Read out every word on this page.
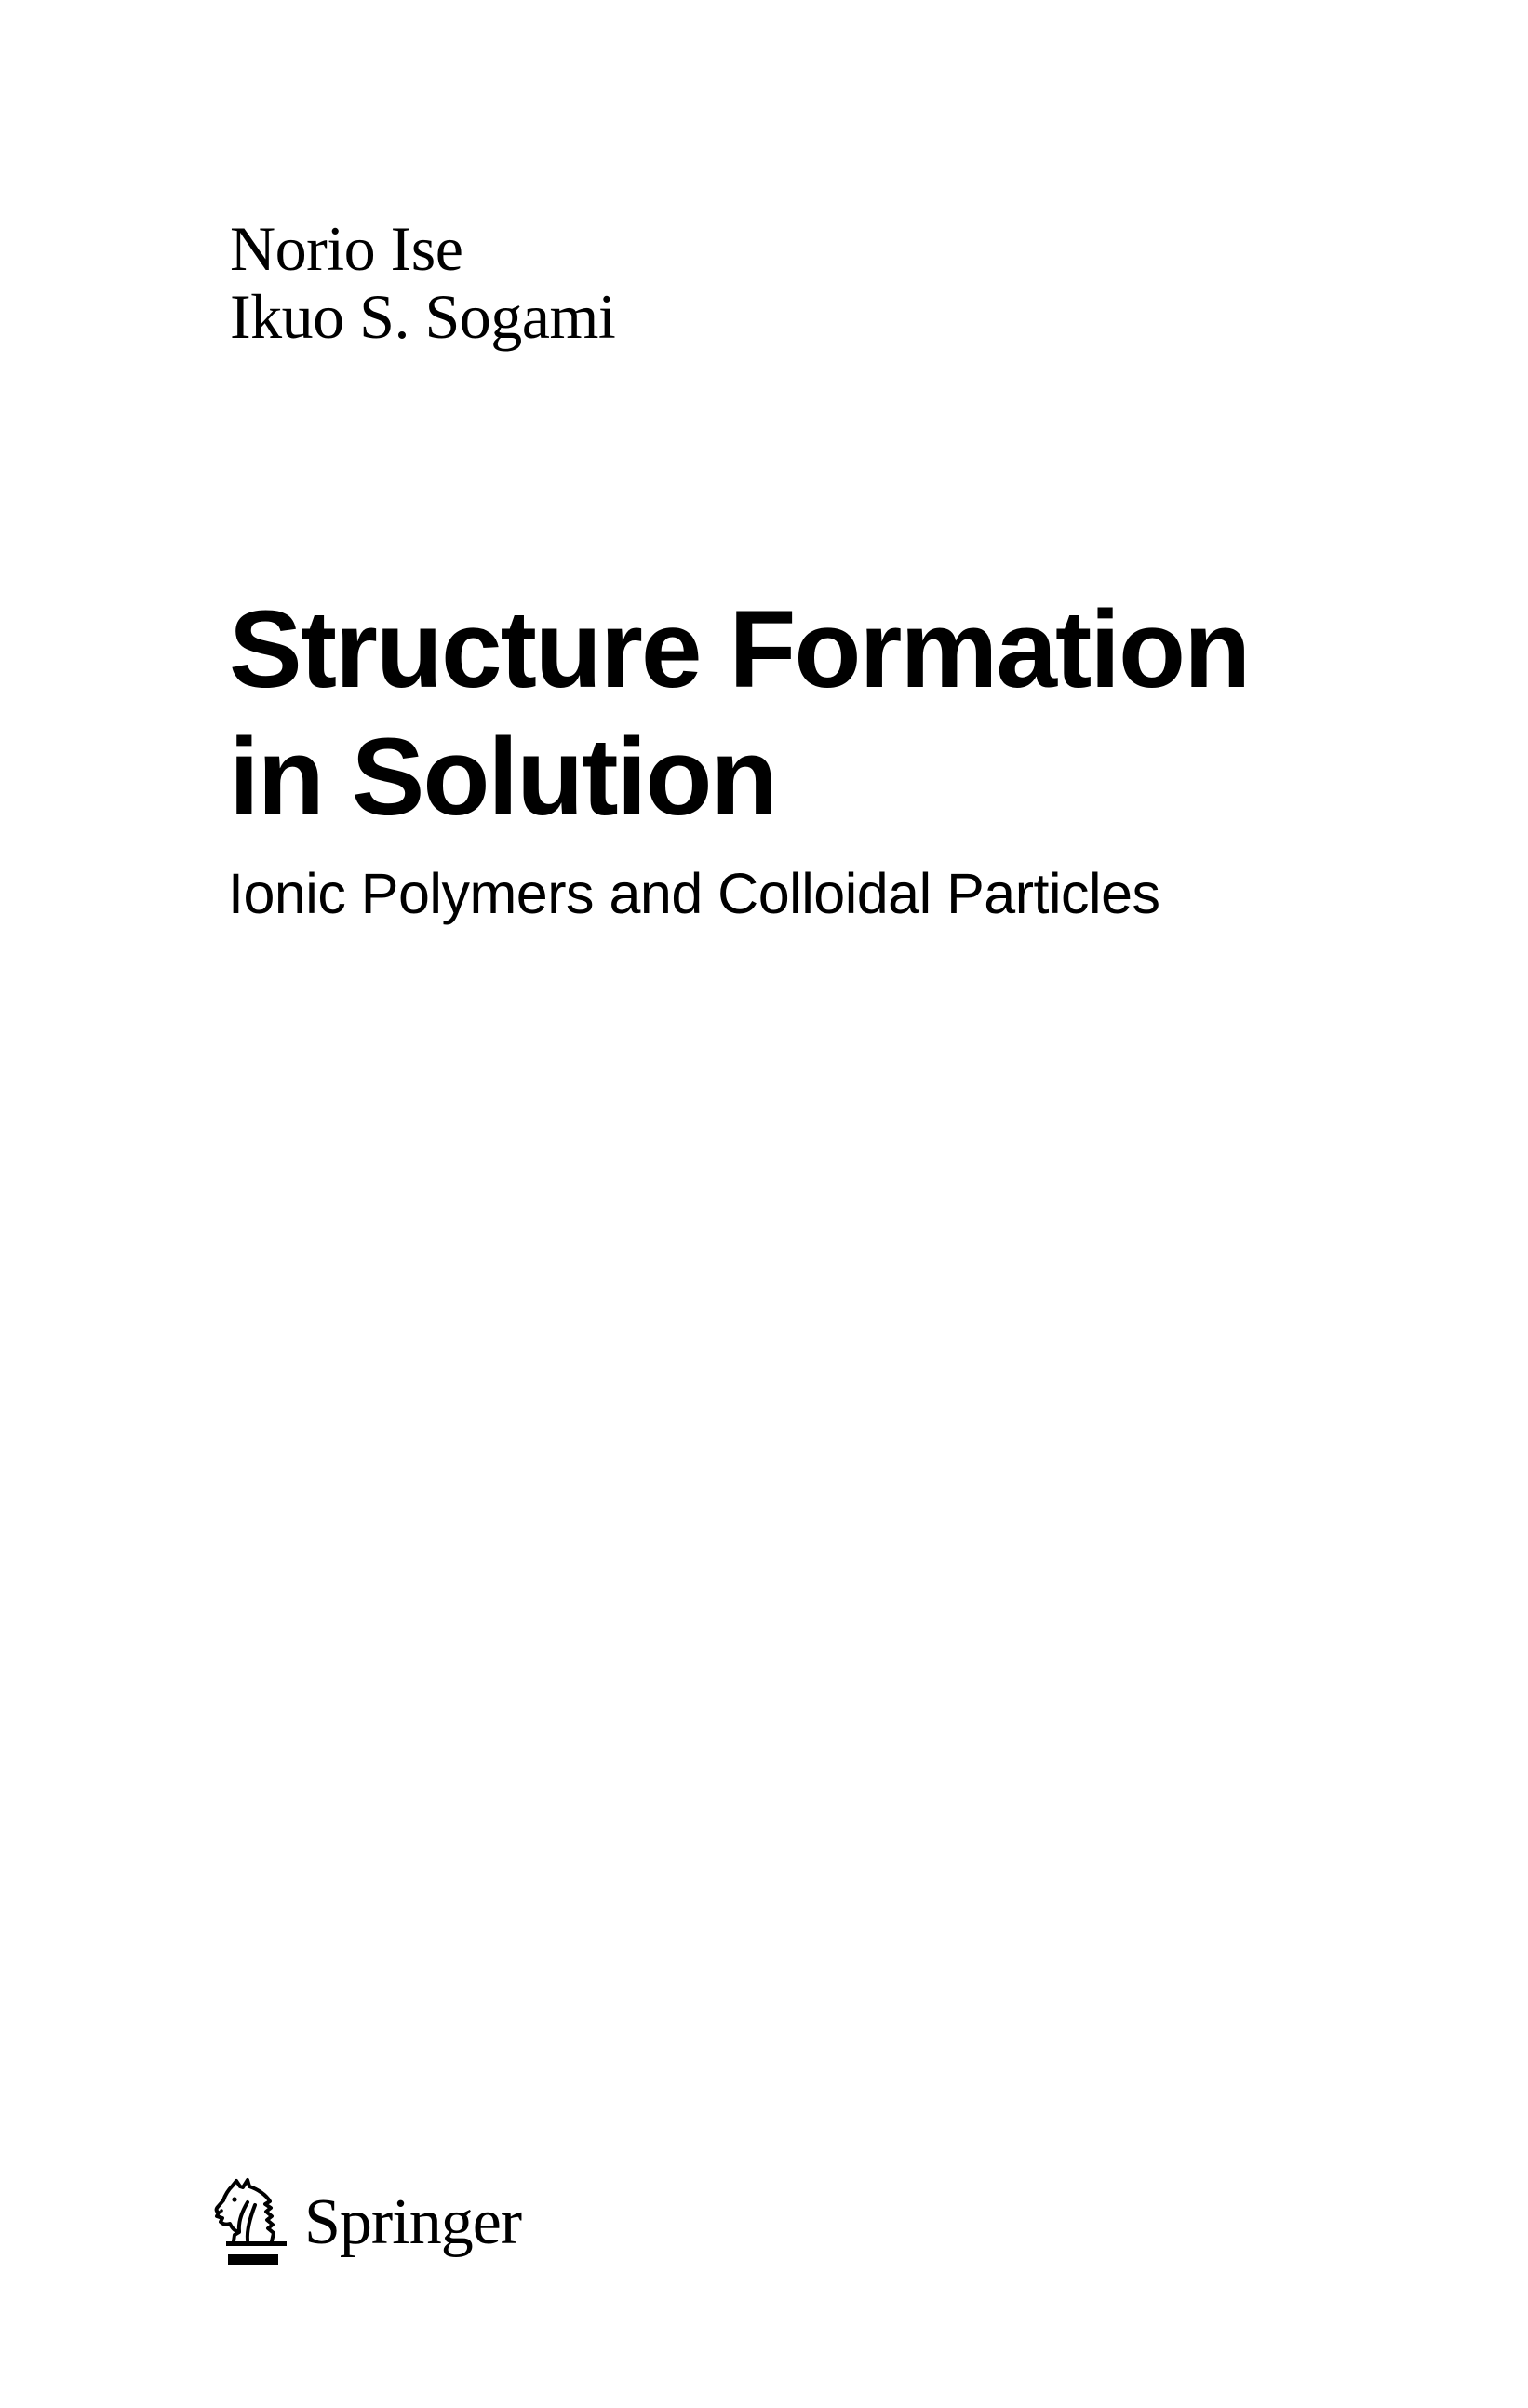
Norio Ise
Ikuo S. Sogami
Structure Formation
in Solution
Ionic Polymers and Colloidal Particles
Springer
